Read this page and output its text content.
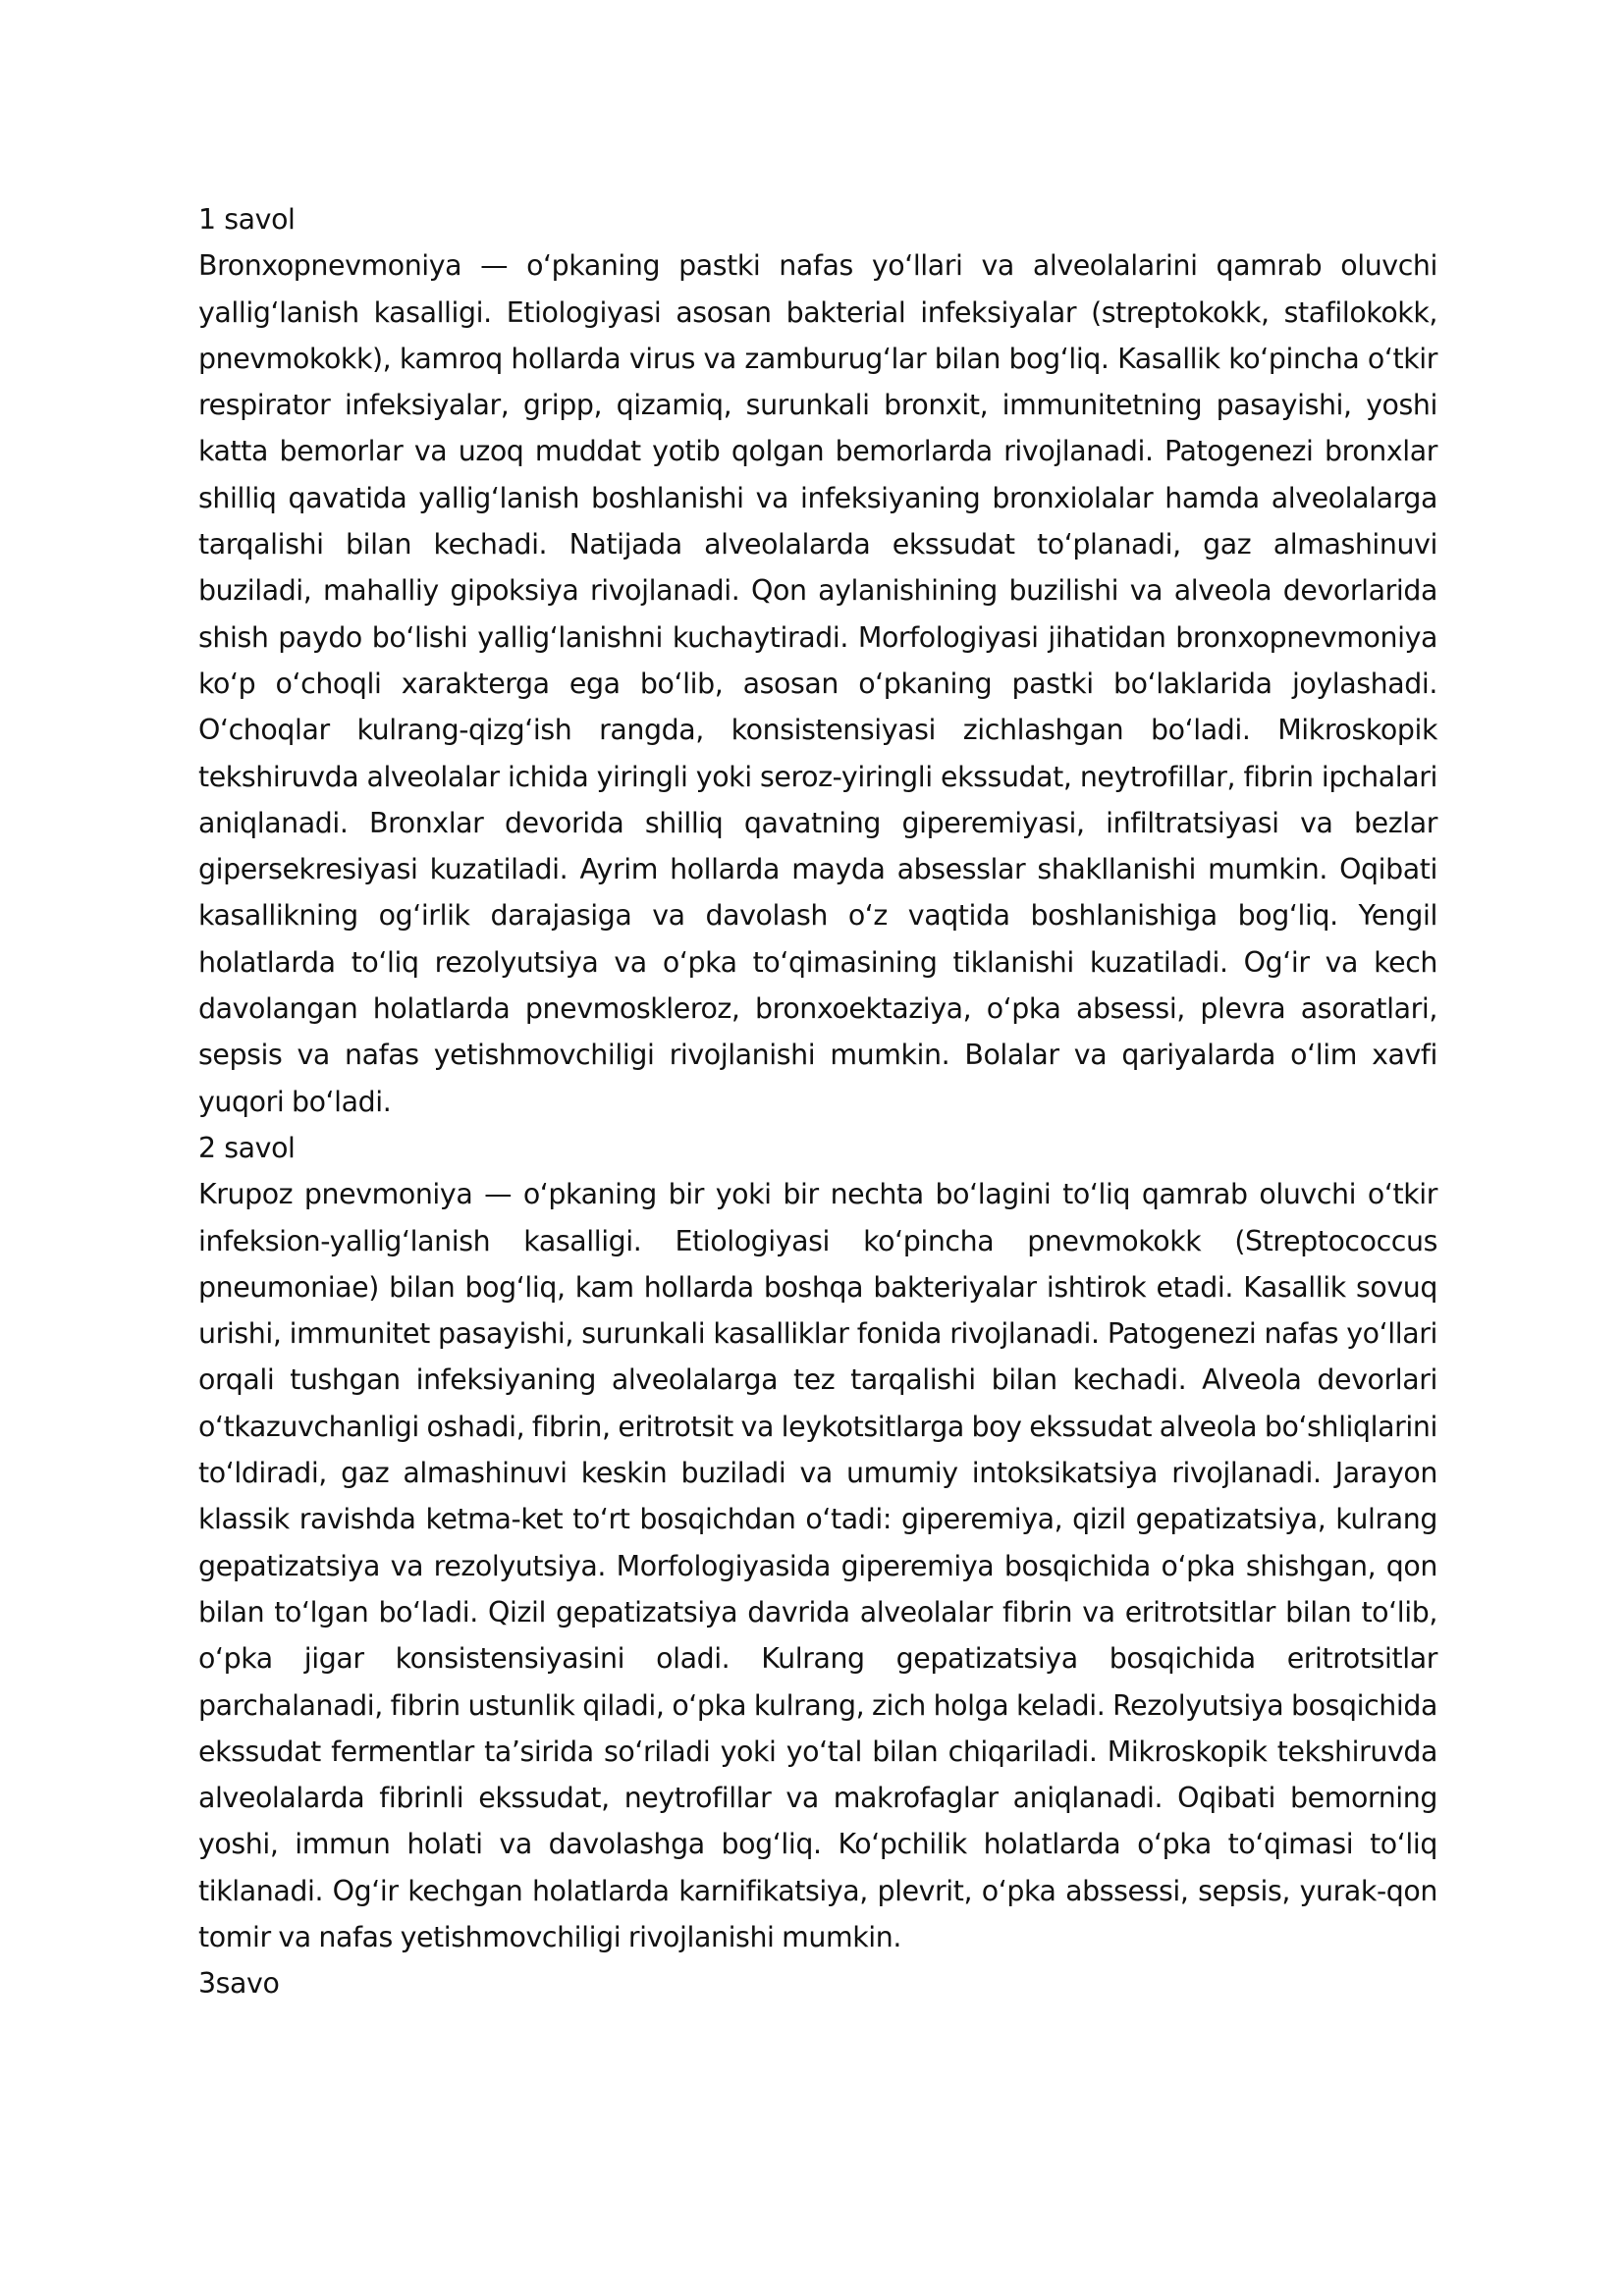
1 savol

Bronxopnevmoniya — o‘pkaning pastki nafas yo‘llari va alveolalarini qamrab oluvchi yallig‘lanish kasalligi. Etiologiyasi asosan bakterial infeksiyalar (streptokokk, stafilokokk, pnevmokokk), kamroq hollarda virus va zamburug‘lar bilan bog‘liq. Kasallik ko‘pincha o‘tkir respirator infeksiyalar, gripp, qizamiq, surunkali bronxit, immunitetning pasayishi, yoshi katta bemorlar va uzoq muddat yotib qolgan bemorlarda rivojlanadi. Patogenezi bronxlar shilliq qavatida yallig‘lanish boshlanishi va infeksiyaning bronxiolalar hamda alveolalarga tarqalishi bilan kechadi. Natijada alveolalarda ekssudat to‘planadi, gaz almashinuvi buziladi, mahalliy gipoksiya rivojlanadi. Qon aylanishining buzilishi va alveola devorlarida shish paydo bo‘lishi yallig‘lanishni kuchaytiradi. Morfologiyasi jihatidan bronxopnevmoniya ko‘p o‘choqli xarakterga ega bo‘lib, asosan o‘pkaning pastki bo‘laklarida joylashadi. O‘choqlar kulrang-qizg‘ish rangda, konsistensiyasi zichlashgan bo‘ladi. Mikroskopik tekshiruvda alveolalar ichida yiringli yoki seroz-yiringli ekssudat, neytrofillar, fibrin ipchalari aniqlanadi. Bronxlar devorida shilliq qavatning giperemiyasi, infiltratsiyasi va bezlar gipersekresiyasi kuzatiladi. Ayrim hollarda mayda absesslar shakllanishi mumkin. Oqibati kasallikning og‘irlik darajasiga va davolash o‘z vaqtida boshlanishiga bog‘liq. Yengil holatlarda to‘liq rezolyutsiya va o‘pka to‘qimasining tiklanishi kuzatiladi. Og‘ir va kech davolangan holatlarda pnevmoskleroz, bronxoektaziya, o‘pka absessi, plevra asoratlari, sepsis va nafas yetishmovchiligi rivojlanishi mumkin. Bolalar va qariyalarda o‘lim xavfi yuqori bo‘ladi.

2 savol

Krupoz pnevmoniya — o‘pkaning bir yoki bir nechta bo‘lagini to‘liq qamrab oluvchi o‘tkir infeksion-yallig‘lanish kasalligi. Etiologiyasi ko‘pincha pnevmokokk (Streptococcus pneumoniae) bilan bog‘liq, kam hollarda boshqa bakteriyalar ishtirok etadi. Kasallik sovuq urishi, immunitet pasayishi, surunkali kasalliklar fonida rivojlanadi. Patogenezi nafas yo‘llari orqali tushgan infeksiyaning alveolalarga tez tarqalishi bilan kechadi. Alveola devorlari o‘tkazuvchanligi oshadi, fibrin, eritrotsit va leykotsitlarga boy ekssudat alveola bo‘shliqlarini to‘ldiradi, gaz almashinuvi keskin buziladi va umumiy intoksikatsiya rivojlanadi. Jarayon klassik ravishda ketma-ket to‘rt bosqichdan o‘tadi: giperemiya, qizil gepatizatsiya, kulrang gepatizatsiya va rezolyutsiya. Morfologiyasida giperemiya bosqichida o‘pka shishgan, qon bilan to‘lgan bo‘ladi. Qizil gepatizatsiya davrida alveolalar fibrin va eritrotsitlar bilan to‘lib, o‘pka jigar konsistensiyasini oladi. Kulrang gepatizatsiya bosqichida eritrotsitlar parchalanadi, fibrin ustunlik qiladi, o‘pka kulrang, zich holga keladi. Rezolyutsiya bosqichida ekssudat fermentlar ta’sirida so‘riladi yoki yo‘tal bilan chiqariladi. Mikroskopik tekshiruvda alveolalarda fibrinli ekssudat, neytrofillar va makrofaglar aniqlanadi. Oqibati bemorning yoshi, immun holati va davolashga bog‘liq. Ko‘pchilik holatlarda o‘pka to‘qimasi to‘liq tiklanadi. Og‘ir kechgan holatlarda karnifikatsiya, plevrit, o‘pka abssessi, sepsis, yurak-qon tomir va nafas yetishmovchiligi rivojlanishi mumkin.

3savo
